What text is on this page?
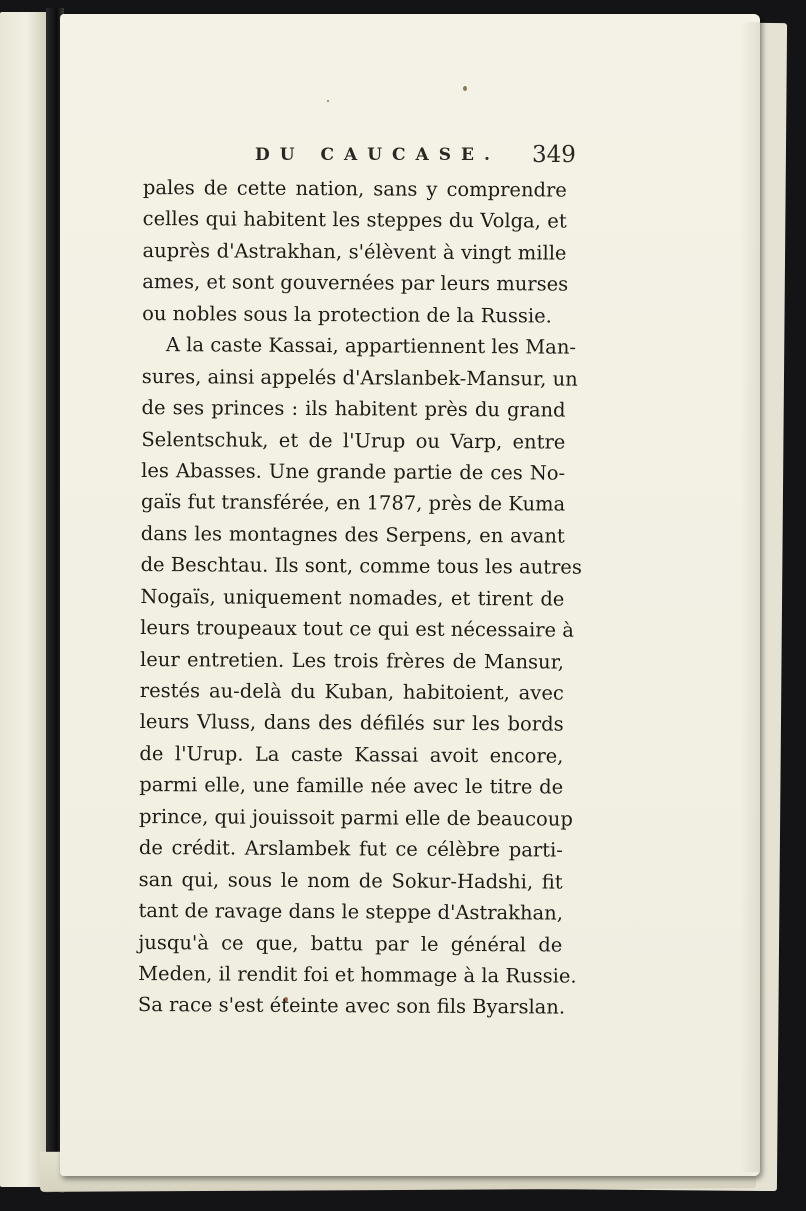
DU CAUCASE. 349
pales de cette nation, sans y comprendre
celles qui habitent les steppes du Volga, et
auprès d'Astrakhan, s'élèvent à vingt mille
ames, et sont gouvernées par leurs murses
ou nobles sous la protection de la Russie.
A la caste Kassai, appartiennent les Man-
sures, ainsi appelés d'Arslanbek-Mansur, un
de ses princes : ils habitent près du grand
Selentschuk, et de l'Urup ou Varp, entre
les Abasses. Une grande partie de ces No-
gaïs fut transférée, en 1787, près de Kuma
dans les montagnes des Serpens, en avant
de Beschtau. Ils sont, comme tous les autres
Nogaïs, uniquement nomades, et tirent de
leurs troupeaux tout ce qui est nécessaire à
leur entretien. Les trois frères de Mansur,
restés au-delà du Kuban, habitoient, avec
leurs Vluss, dans des défilés sur les bords
de l'Urup. La caste Kassai avoit encore,
parmi elle, une famille née avec le titre de
prince, qui jouissoit parmi elle de beaucoup
de crédit. Arslambek fut ce célèbre parti-
san qui, sous le nom de Sokur-Hadshi, fit
tant de ravage dans le steppe d'Astrakhan,
jusqu'à ce que, battu par le général de
Meden, il rendit foi et hommage à la Russie.
Sa race s'est éteinte avec son fils Byarslan.
